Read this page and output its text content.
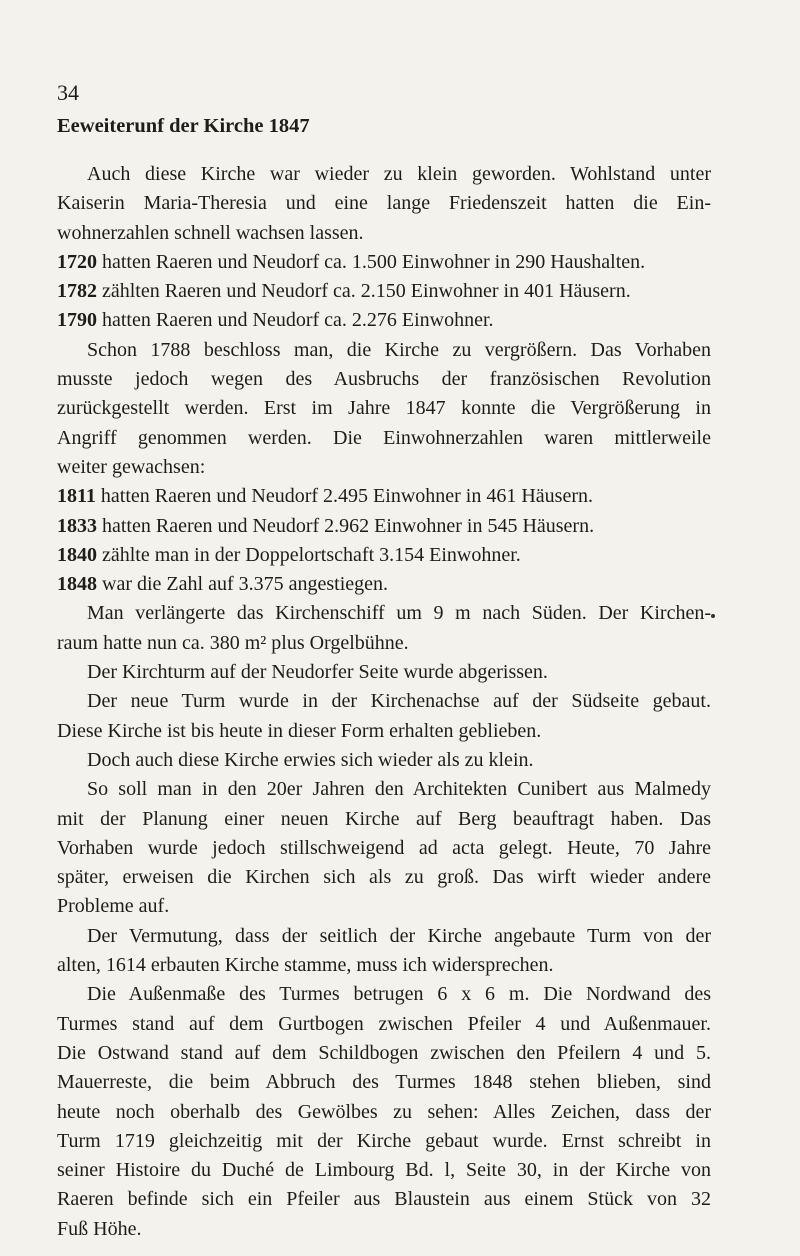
34
Eeweiterunf der Kirche 1847
Auch diese Kirche war wieder zu klein geworden. Wohlstand unter
Kaiserin Maria-Theresia und eine lange Friedenszeit hatten die Ein-
wohnerzahlen schnell wachsen lassen.
1720 hatten Raeren und Neudorf ca. 1.500 Einwohner in 290 Haushalten.
1782 zählten Raeren und Neudorf ca. 2.150 Einwohner in 401 Häusern.
1790 hatten Raeren und Neudorf ca. 2.276 Einwohner.
Schon 1788 beschloss man, die Kirche zu vergrößern. Das Vorhaben
musste jedoch wegen des Ausbruchs der französischen Revolution
zurückgestellt werden. Erst im Jahre 1847 konnte die Vergrößerung in
Angriff genommen werden. Die Einwohnerzahlen waren mittlerweile
weiter gewachsen:
1811 hatten Raeren und Neudorf 2.495 Einwohner in 461 Häusern.
1833 hatten Raeren und Neudorf 2.962 Einwohner in 545 Häusern.
1840 zählte man in der Doppelortschaft 3.154 Einwohner.
1848 war die Zahl auf 3.375 angestiegen.
Man verlängerte das Kirchenschiff um 9 m nach Süden. Der Kirchen-
raum hatte nun ca. 380 m² plus Orgelbühne.
Der Kirchturm auf der Neudorfer Seite wurde abgerissen.
Der neue Turm wurde in der Kirchenachse auf der Südseite gebaut.
Diese Kirche ist bis heute in dieser Form erhalten geblieben.
Doch auch diese Kirche erwies sich wieder als zu klein.
So soll man in den 20er Jahren den Architekten Cunibert aus Malmedy
mit der Planung einer neuen Kirche auf Berg beauftragt haben. Das
Vorhaben wurde jedoch stillschweigend ad acta gelegt. Heute, 70 Jahre
später, erweisen die Kirchen sich als zu groß. Das wirft wieder andere
Probleme auf.
Der Vermutung, dass der seitlich der Kirche angebaute Turm von der
alten, 1614 erbauten Kirche stamme, muss ich widersprechen.
Die Außenmaße des Turmes betrugen 6 x 6 m. Die Nordwand des
Turmes stand auf dem Gurtbogen zwischen Pfeiler 4 und Außenmauer.
Die Ostwand stand auf dem Schildbogen zwischen den Pfeilern 4 und 5.
Mauerreste, die beim Abbruch des Turmes 1848 stehen blieben, sind
heute noch oberhalb des Gewölbes zu sehen: Alles Zeichen, dass der
Turm 1719 gleichzeitig mit der Kirche gebaut wurde. Ernst schreibt in
seiner Histoire du Duché de Limbourg Bd. l, Seite 30, in der Kirche von
Raeren befinde sich ein Pfeiler aus Blaustein aus einem Stück von 32
Fuß Höhe.
